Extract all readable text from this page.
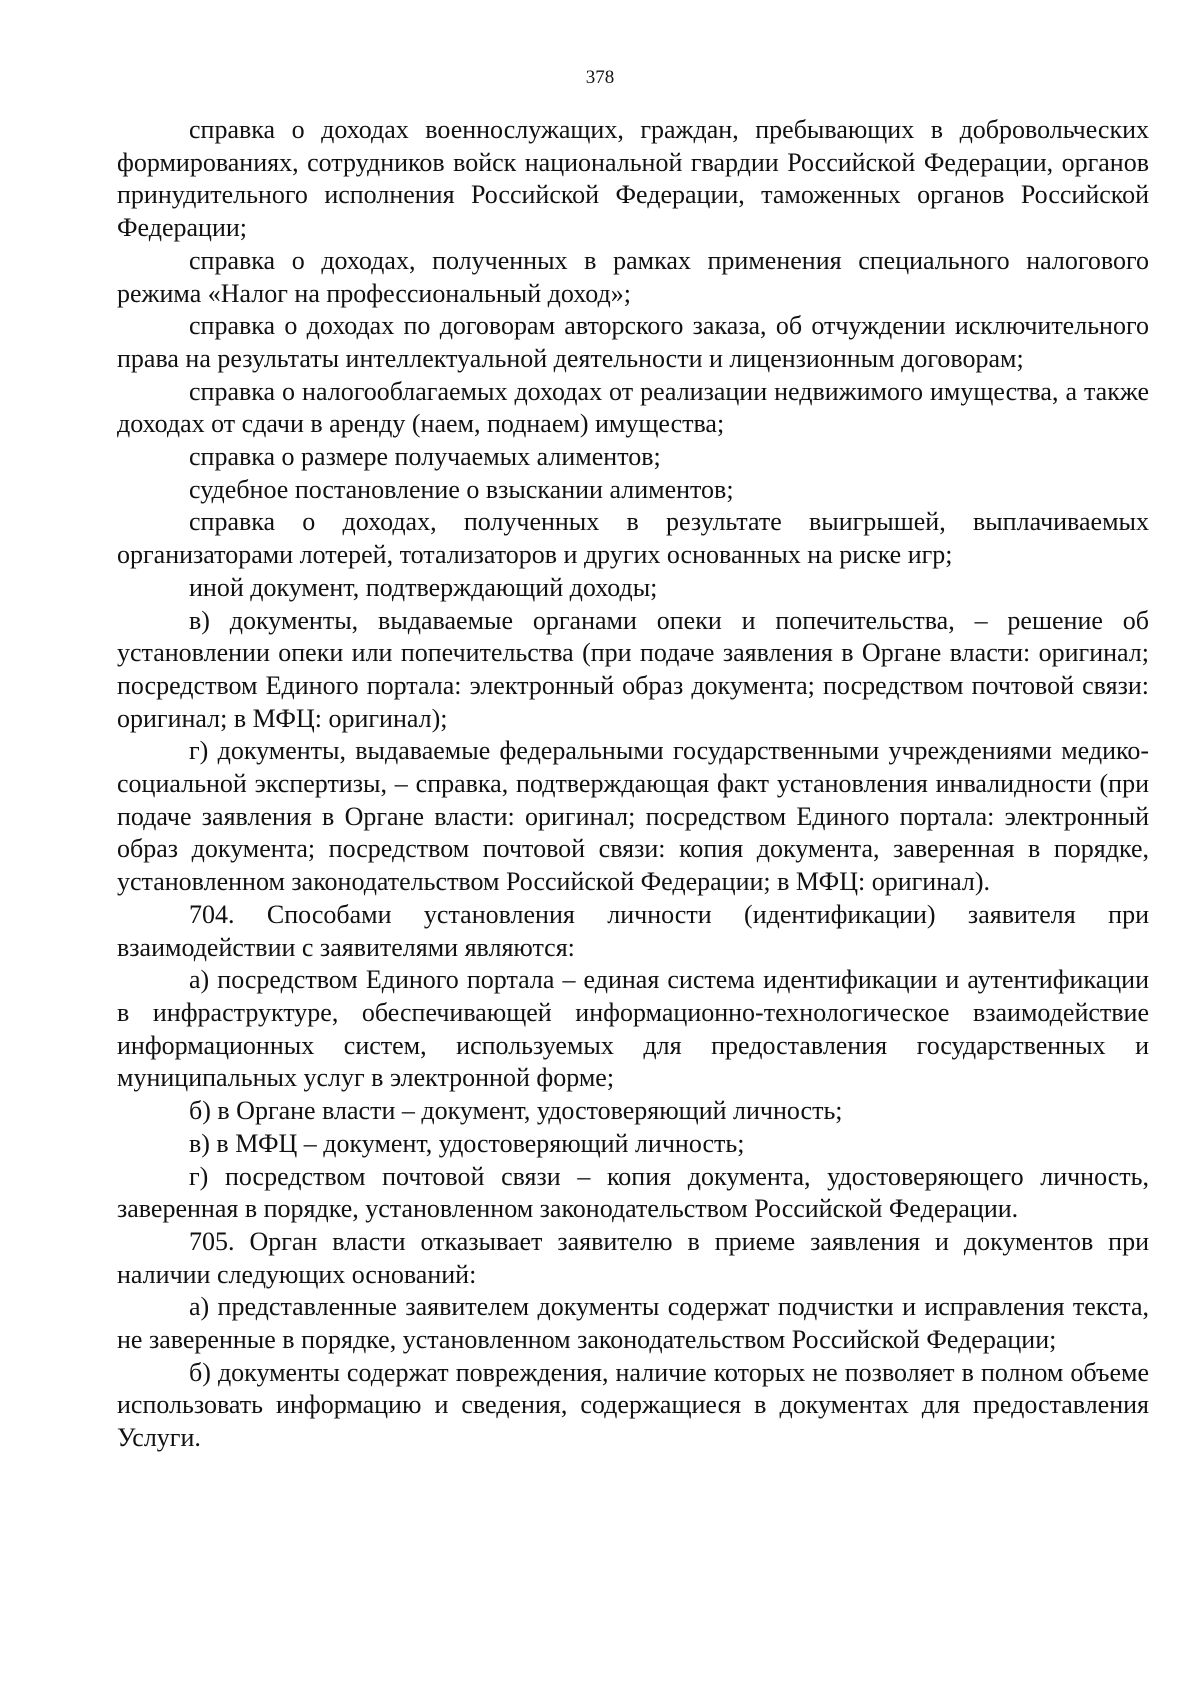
378

справка о доходах военнослужащих, граждан, пребывающих в добровольческих формированиях, сотрудников войск национальной гвардии Российской Федерации, органов принудительного исполнения Российской Федерации, таможенных органов Российской Федерации;

справка о доходах, полученных в рамках применения специального налогового режима «Налог на профессиональный доход»;

справка о доходах по договорам авторского заказа, об отчуждении исключительного права на результаты интеллектуальной деятельности и лицензионным договорам;

справка о налогооблагаемых доходах от реализации недвижимого имущества, а также доходах от сдачи в аренду (наем, поднаем) имущества;

справка о размере получаемых алиментов;

судебное постановление о взыскании алиментов;

справка о доходах, полученных в результате выигрышей, выплачиваемых организаторами лотерей, тотализаторов и других основанных на риске игр;

иной документ, подтверждающий доходы;

в) документы, выдаваемые органами опеки и попечительства, – решение об установлении опеки или попечительства (при подаче заявления в Органе власти: оригинал; посредством Единого портала: электронный образ документа; посредством почтовой связи: оригинал; в МФЦ: оригинал);

г) документы, выдаваемые федеральными государственными учреждениями медико-социальной экспертизы, – справка, подтверждающая факт установления инвалидности (при подаче заявления в Органе власти: оригинал; посредством Единого портала: электронный образ документа; посредством почтовой связи: копия документа, заверенная в порядке, установленном законодательством Российской Федерации; в МФЦ: оригинал).

704. Способами установления личности (идентификации) заявителя при взаимодействии с заявителями являются:

а) посредством Единого портала – единая система идентификации и аутентификации в инфраструктуре, обеспечивающей информационно-технологическое взаимодействие информационных систем, используемых для предоставления государственных и муниципальных услуг в электронной форме;

б) в Органе власти – документ, удостоверяющий личность;

в) в МФЦ – документ, удостоверяющий личность;

г) посредством почтовой связи – копия документа, удостоверяющего личность, заверенная в порядке, установленном законодательством Российской Федерации.

705. Орган власти отказывает заявителю в приеме заявления и документов при наличии следующих оснований:

а) представленные заявителем документы содержат подчистки и исправления текста, не заверенные в порядке, установленном законодательством Российской Федерации;

б) документы содержат повреждения, наличие которых не позволяет в полном объеме использовать информацию и сведения, содержащиеся в документах для предоставления Услуги.
